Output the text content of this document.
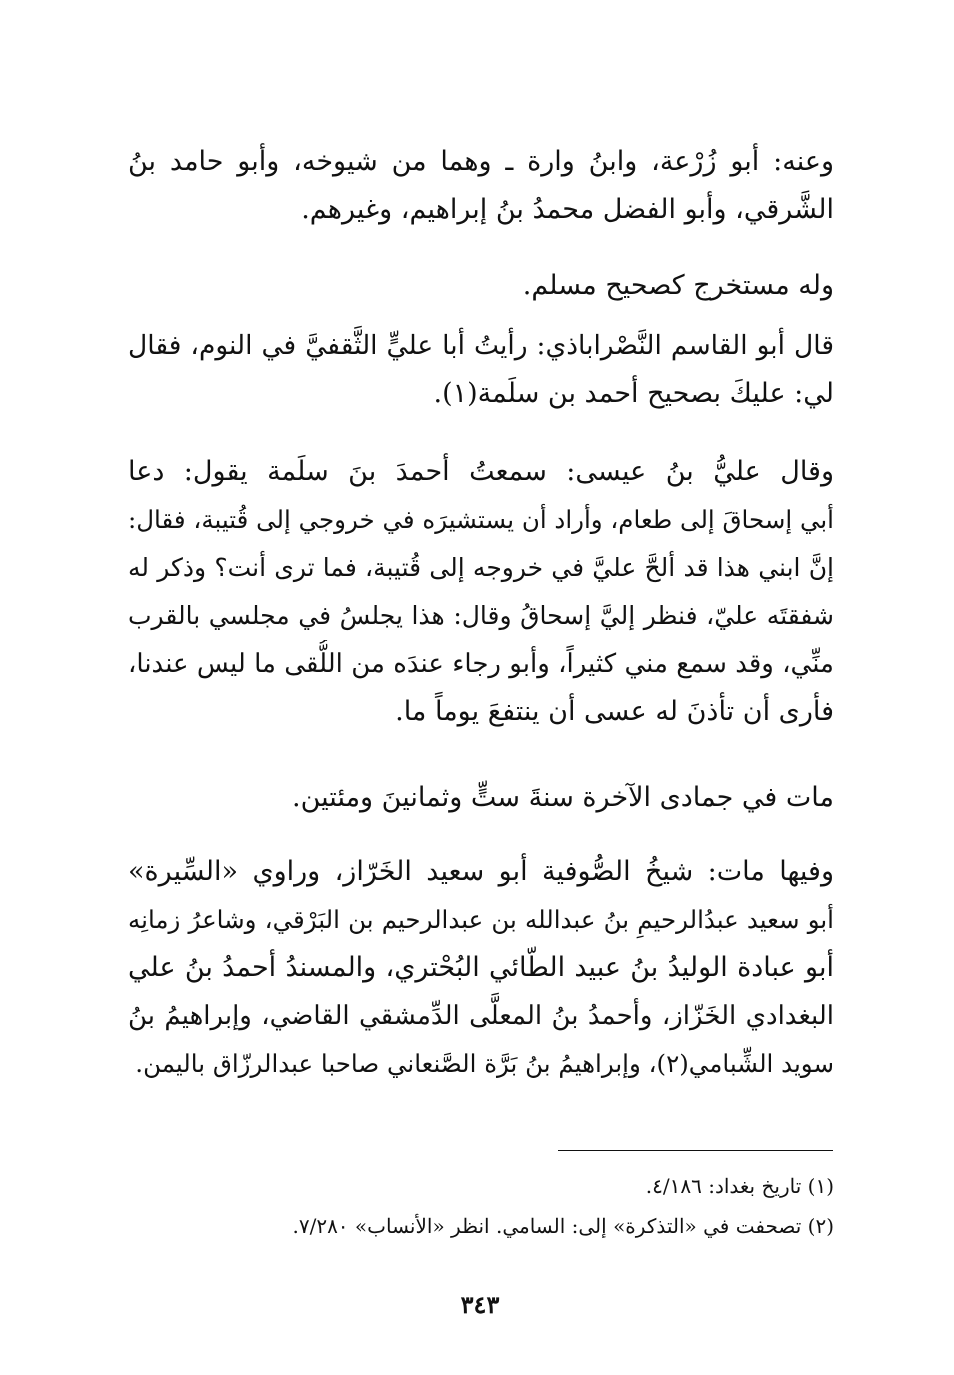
وعنه: أبو زُرْعة، وابنُ وارة ـ وهما من شيوخه، وأبو حامد بنُ
الشَّرقي، وأبو الفضل محمدُ بنُ إبراهيم، وغيرهم.
وله مستخرج كصحيح مسلم.
قال أبو القاسم النَّصْراباذي: رأيتُ أبا عليٍّ الثَّقفيَّ في النوم، فقال
لي: عليكَ بصحيح أحمد بن سلَمة(١).
وقال عليُّ بنُ عيسى: سمعتُ أحمدَ بنَ سلَمة يقول: دعا
أبي إسحاقَ إلى طعام، وأراد أن يستشيرَه في خروجي إلى قُتيبة، فقال:
إنَّ ابني هذا قد ألحَّ عليَّ في خروجه إلى قُتيبة، فما ترى أنت؟ وذكر له
شفقتَه عليّ، فنظر إليَّ إسحاقُ وقال: هذا يجلسُ في مجلسي بالقرب
منِّي، وقد سمع مني كثيراً، وأبو رجاء عندَه من اللُّقى ما ليس عندنا،
فأرى أن تأذنَ له عسى أن ينتفعَ يوماً ما.
مات في جمادى الآخرة سنةَ ستٍّ وثمانينَ ومئتين.
وفيها مات: شيخُ الصُّوفية أبو سعيد الخَرّاز، وراوي «السِّيرة»
أبو سعيد عبدُالرحيمِ بنُ عبدالله بن عبدالرحيم بن البَرْقي، وشاعرُ زمانِه
أبو عبادة الوليدُ بنُ عبيد الطّائي البُحْتري، والمسندُ أحمدُ بنُ علي
البغدادي الخَزّاز، وأحمدُ بنُ المعلَّى الدِّمشقي القاضي، وإبراهيمُ بنُ
سويد الشِّبامي(٢)، وإبراهيمُ بنُ بَرَّة الصَّنعاني صاحبا عبدالرزّاق باليمن.
(١) تاريخ بغداد: ٤/١٨٦.
(٢) تصحفت في «التذكرة» إلى: السامي. انظر «الأنساب» ٧/٢٨٠.
٣٤٣
